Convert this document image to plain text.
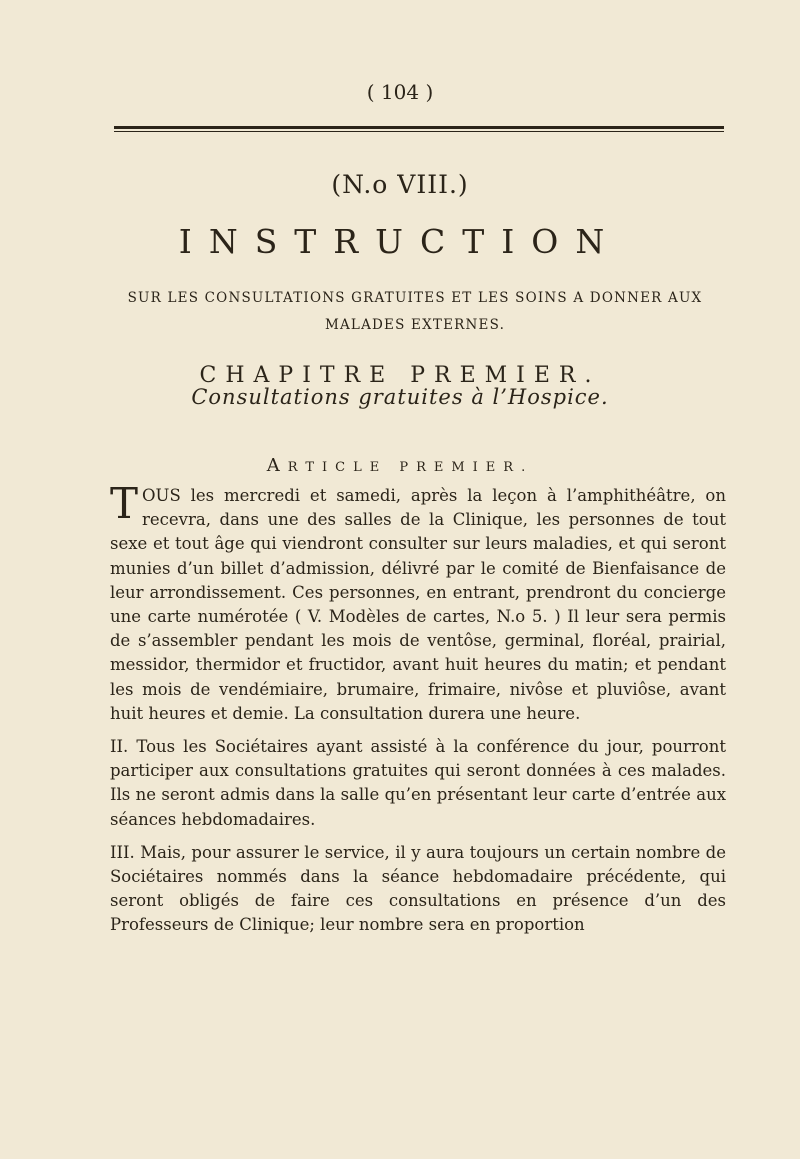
( 104 )
(N.o VIII.)
INSTRUCTION
SUR LES CONSULTATIONS GRATUITES ET LES SOINS A DONNER AUX MALADES EXTERNES.
CHAPITRE PREMIER.
Consultations gratuites à l’Hospice.
ARTICLE PREMIER.

TOUS les mercredi et samedi, après la leçon à l’amphithéâtre, on recevra, dans une des salles de la Clinique, les personnes de tout sexe et tout âge qui viendront consulter sur leurs maladies, et qui seront munies d’un billet d’admission, délivré par le comité de Bienfaisance de leur arrondissement. Ces personnes, en entrant, prendront du concierge une carte numérotée ( V. Modèles de cartes, N.o 5. ) Il leur sera permis de s’assembler pendant les mois de ventôse, germinal, floréal, prairial, messidor, thermidor et fructidor, avant huit heures du matin; et pendant les mois de vendémiaire, brumaire, frimaire, nivôse et pluviôse, avant huit heures et demie. La consultation durera une heure.

II. Tous les Sociétaires ayant assisté à la conférence du jour, pourront participer aux consultations gratuites qui seront données à ces malades. Ils ne seront admis dans la salle qu’en présentant leur carte d’entrée aux séances hebdomadaires.

III. Mais, pour assurer le service, il y aura toujours un certain nombre de Sociétaires nommés dans la séance hebdomadaire précédente, qui seront obligés de faire ces consultations en présence d’un des Professeurs de Clinique; leur nombre sera en proportion
